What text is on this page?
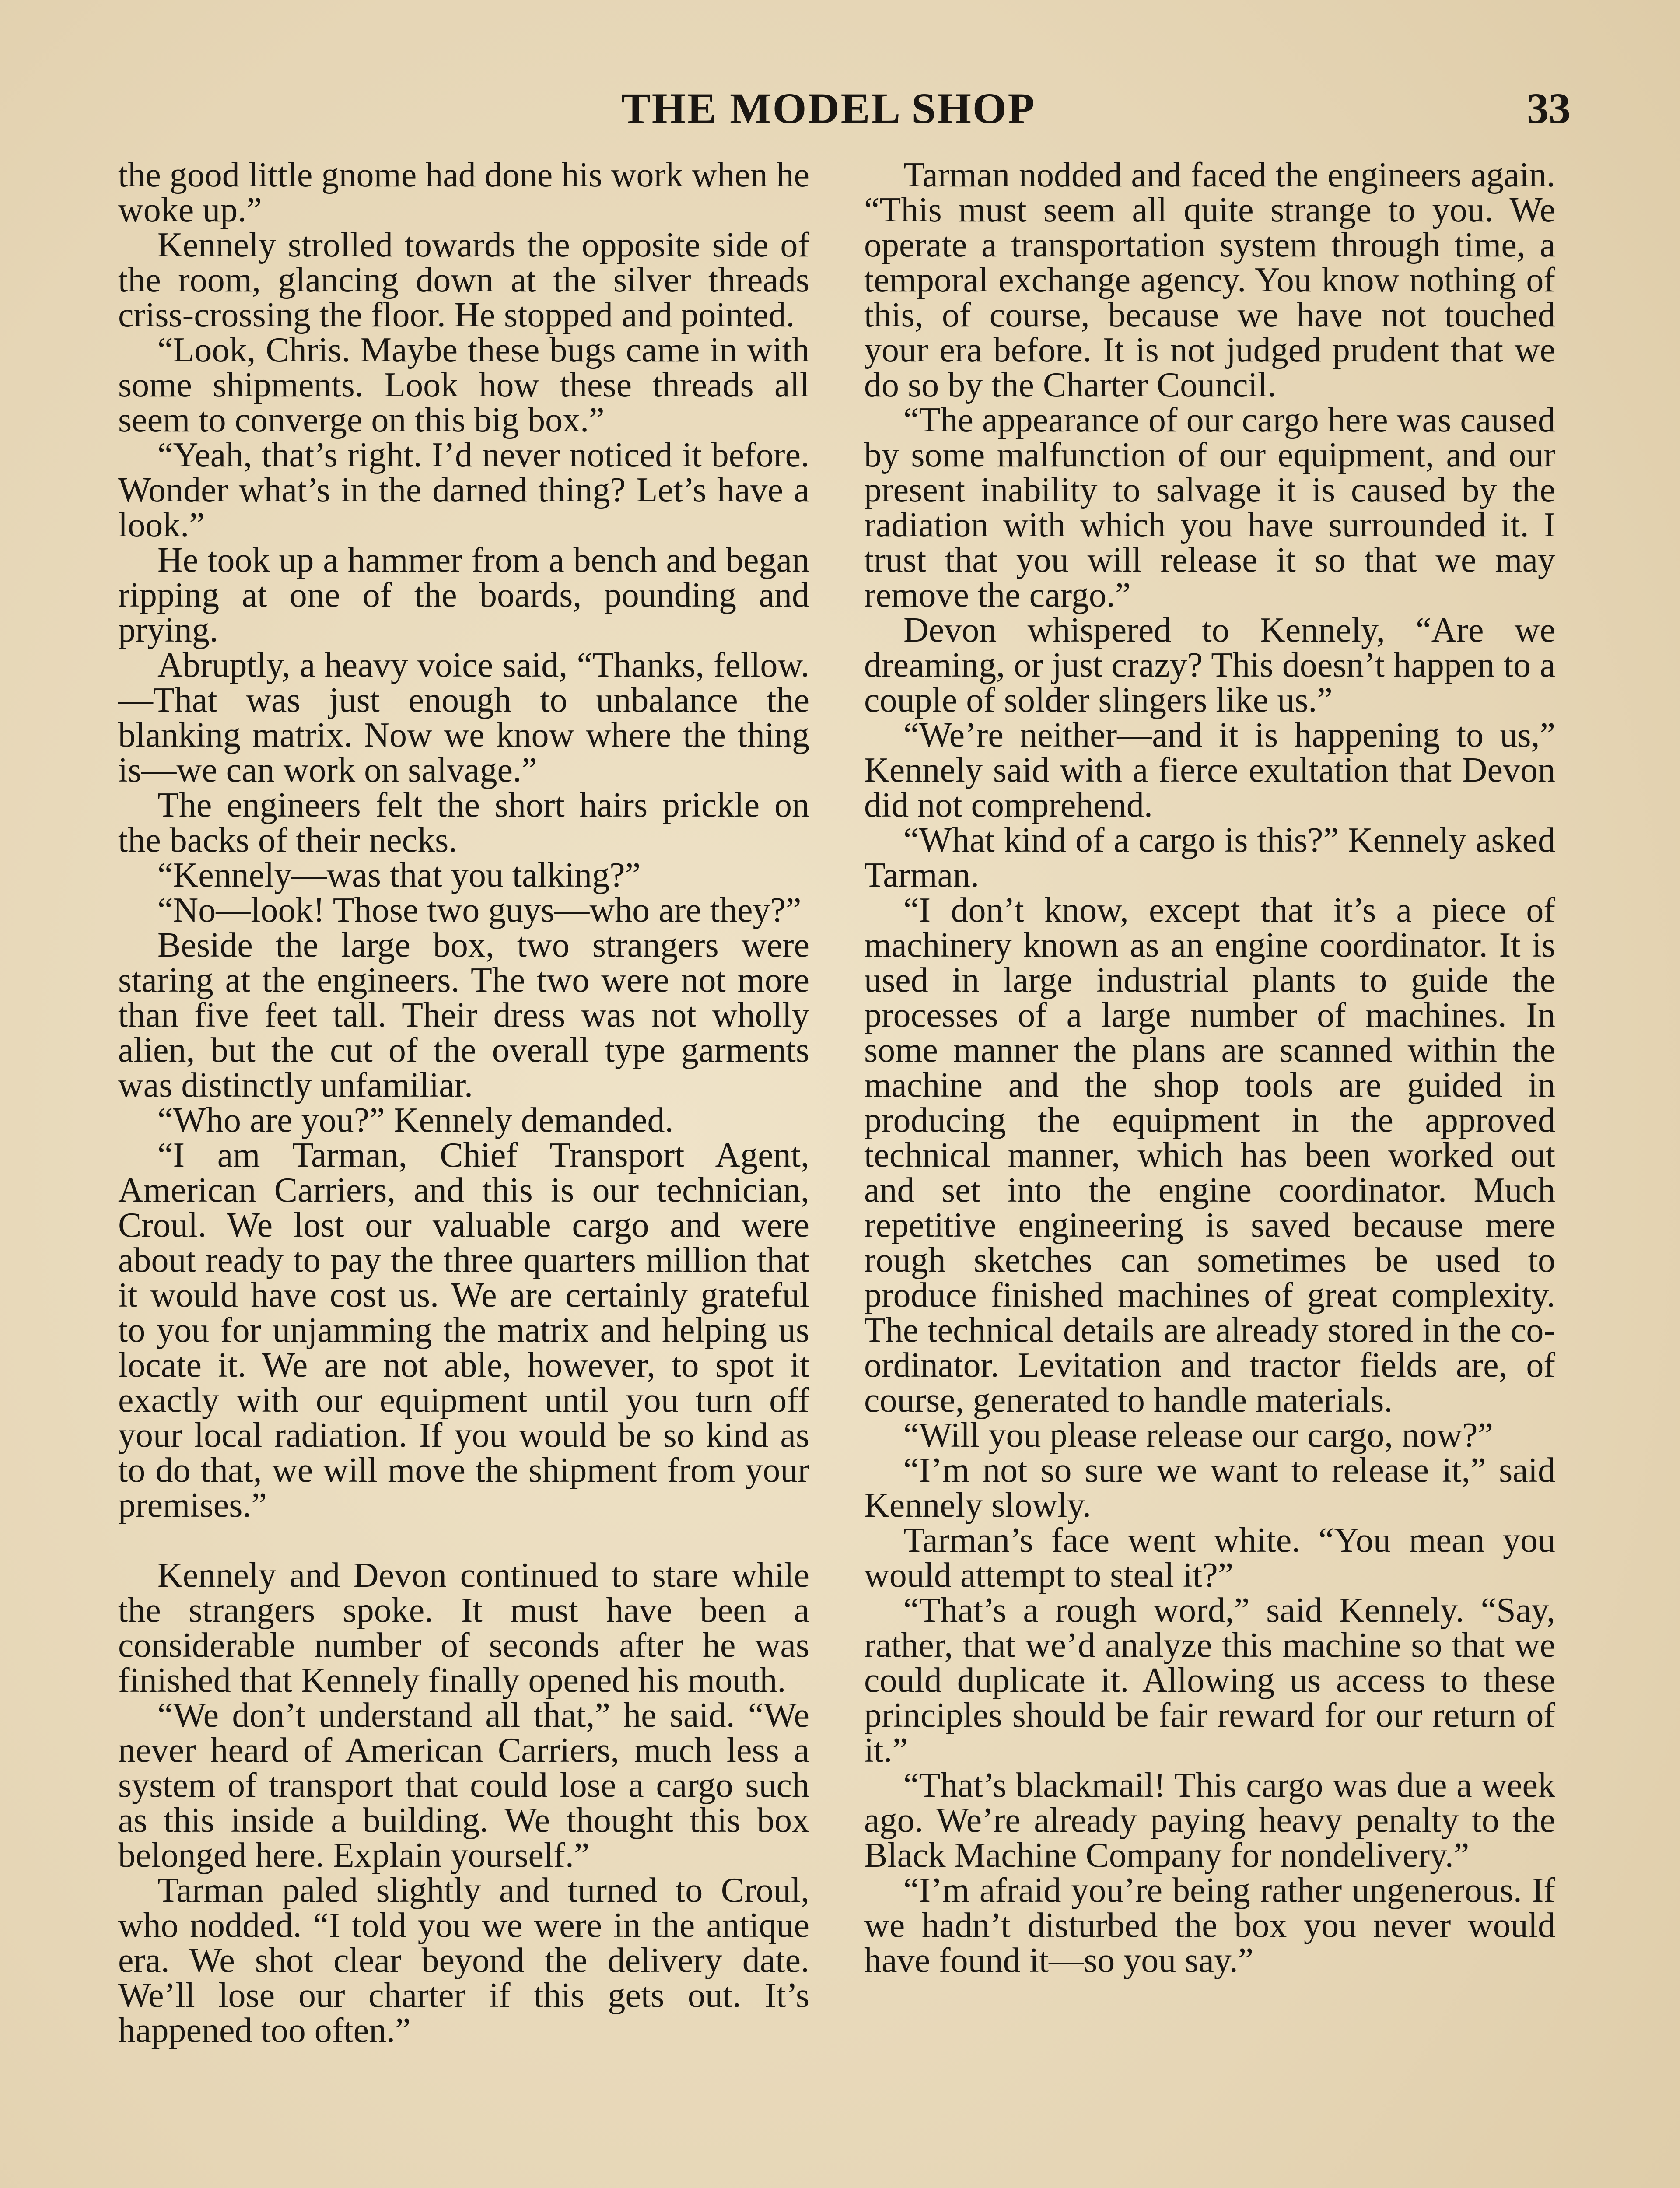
THE MODEL SHOP	33

the good little gnome had done his work when he woke up.”

Kennely strolled towards the opposite side of the room, glancing down at the silver threads criss-crossing the floor. He stopped and pointed.

“Look, Chris. Maybe these bugs came in with some shipments. Look how these threads all seem to converge on this big box.”

“Yeah, that’s right. I’d never noticed it before. Wonder what’s in the darned thing? Let’s have a look.”

He took up a hammer from a bench and began ripping at one of the boards, pounding and prying.

Abruptly, a heavy voice said, “Thanks, fellow.—That was just enough to unbalance the blanking matrix. Now we know where the thing is—we can work on salvage.”

The engineers felt the short hairs prickle on the backs of their necks.

“Kennely—was that you talking?”

“No—look! Those two guys—who are they?”

Beside the large box, two strangers were staring at the engineers. The two were not more than five feet tall. Their dress was not wholly alien, but the cut of the overall type garments was distinctly unfamiliar.

“Who are you?” Kennely demanded.

“I am Tarman, Chief Transport Agent, American Carriers, and this is our technician, Croul. We lost our valuable cargo and were about ready to pay the three quarters million that it would have cost us. We are certainly grateful to you for unjamming the matrix and helping us locate it. We are not able, however, to spot it exactly with our equipment until you turn off your local radiation. If you would be so kind as to do that, we will move the shipment from your premises.”

Kennely and Devon continued to stare while the strangers spoke. It must have been a considerable number of seconds after he was finished that Kennely finally opened his mouth.

“We don’t understand all that,” he said. “We never heard of American Carriers, much less a system of transport that could lose a cargo such as this inside a building. We thought this box belonged here. Explain yourself.”

Tarman paled slightly and turned to Croul, who nodded. “I told you we were in the antique era. We shot clear beyond the delivery date. We’ll lose our charter if this gets out. It’s happened too often.”

Tarman nodded and faced the engineers again. “This must seem all quite strange to you. We operate a transportation system through time, a temporal exchange agency. You know nothing of this, of course, because we have not touched your era before. It is not judged prudent that we do so by the Charter Council.

“The appearance of our cargo here was caused by some malfunction of our equipment, and our present inability to salvage it is caused by the radiation with which you have surrounded it. I trust that you will release it so that we may remove the cargo.”

Devon whispered to Kennely, “Are we dreaming, or just crazy? This doesn’t happen to a couple of solder slingers like us.”

“We’re neither—and it is happening to us,” Kennely said with a fierce exultation that Devon did not comprehend.

“What kind of a cargo is this?” Kennely asked Tarman.

“I don’t know, except that it’s a piece of machinery known as an engine coordinator. It is used in large industrial plants to guide the processes of a large number of machines. In some manner the plans are scanned within the machine and the shop tools are guided in producing the equipment in the approved technical manner, which has been worked out and set into the engine coordinator. Much repetitive engineering is saved because mere rough sketches can sometimes be used to produce finished machines of great complexity. The technical details are already stored in the co-ordinator. Levitation and tractor fields are, of course, generated to handle materials.

“Will you please release our cargo, now?”

“I’m not so sure we want to release it,” said Kennely slowly.

Tarman’s face went white. “You mean you would attempt to steal it?”

“That’s a rough word,” said Kennely. “Say, rather, that we’d analyze this machine so that we could duplicate it. Allowing us access to these principles should be fair reward for our return of it.”

“That’s blackmail! This cargo was due a week ago. We’re already paying heavy penalty to the Black Machine Company for nondelivery.”

“I’m afraid you’re being rather ungenerous. If we hadn’t disturbed the box you never would have found it—so you say.”
